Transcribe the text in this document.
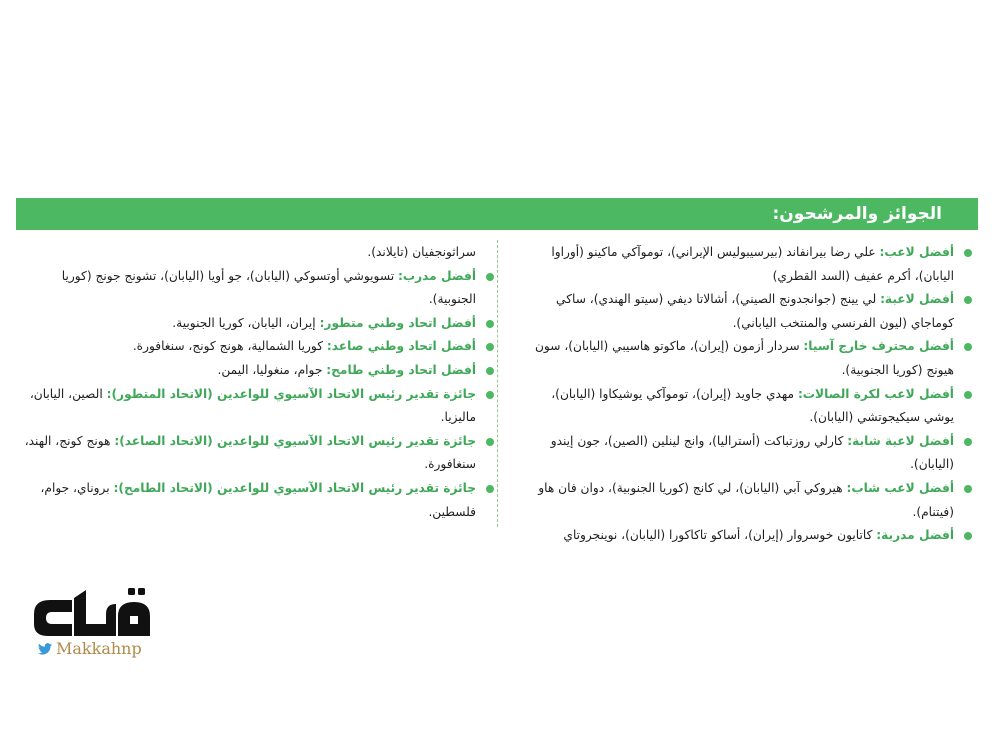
الجوائز والمرشحون:
أفضل لاعب: علي رضا بيرانفاند (بيرسيبوليس الإيراني)، توموآكي ماكينو (أوراوا اليابان)، أكرم عفيف (السد القطري)
أفضل لاعبة: لي يينج (جوانجدونج الصيني)، أشالاتا ديفي (سيتو الهندي)، ساكي كوماجاي (ليون الفرنسي والمنتخب الياباني).
أفضل محترف خارج آسيا: سردار أزمون (إيران)، ماكوتو هاسيبي (اليابان)، سون هيونج (كوريا الجنوبية).
أفضل لاعب لكرة الصالات: مهدي جاويد (إيران)، توموآكي يوشيكاوا (اليابان)، يوشي سيكيجوتشي (اليابان).
أفضل لاعبة شابة: كارلي روزتباكت (أستراليا)، وانج لينلين (الصين)، جون إيندو (اليابان).
أفضل لاعب شاب: هيروكي آبي (اليابان)، لي كانج (كوريا الجنوبية)، دوان فان هاو (فيتنام).
أفضل مدربة: كاتايون خوسروار (إيران)، أساكو تاكاكورا (اليابان)، نوينجروتاي
سراثونجفيان (تايلاند).
أفضل مدرب: تسويوشي أوتسوكي (اليابان)، جو أويا (اليابان)، تشونج جونج (كوريا الجنوبية).
أفضل اتحاد وطني متطور: إيران، اليابان، كوريا الجنوبية.
أفضل اتحاد وطني صاعد: كوريا الشمالية، هونج كونج، سنغافورة.
أفضل اتحاد وطني طامح: جوام، منغوليا، اليمن.
جائزة تقدير رئيس الاتحاد الآسيوي للواعدين (الاتحاد المتطور): الصين، اليابان، ماليزيا.
جائزة تقدير رئيس الاتحاد الآسيوي للواعدين (الاتحاد الصاعد): هونج كونج، الهند، سنغافورة.
جائزة تقدير رئيس الاتحاد الآسيوي للواعدين (الاتحاد الطامح): بروناي، جوام، فلسطين.
Makkahnp
